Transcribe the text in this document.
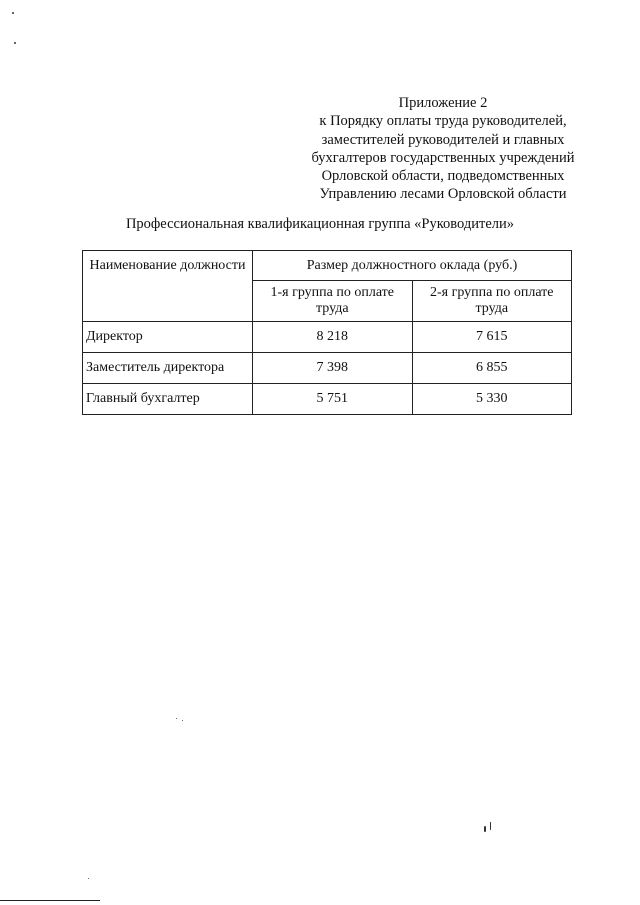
Приложение 2
к Порядку оплаты труда руководителей,
заместителей руководителей и главных
бухгалтеров государственных учреждений
Орловской области, подведомственных
Управлению лесами Орловской области
Профессиональная квалификационная группа «Руководители»
Наименование должности	Размер должностного оклада (руб.)	
	1-я группа по оплате труда	2-я группа по оплате труда
Директор	8 218	7 615
Заместитель директора	7 398	6 855
Главный бухгалтер	5 751	5 330
